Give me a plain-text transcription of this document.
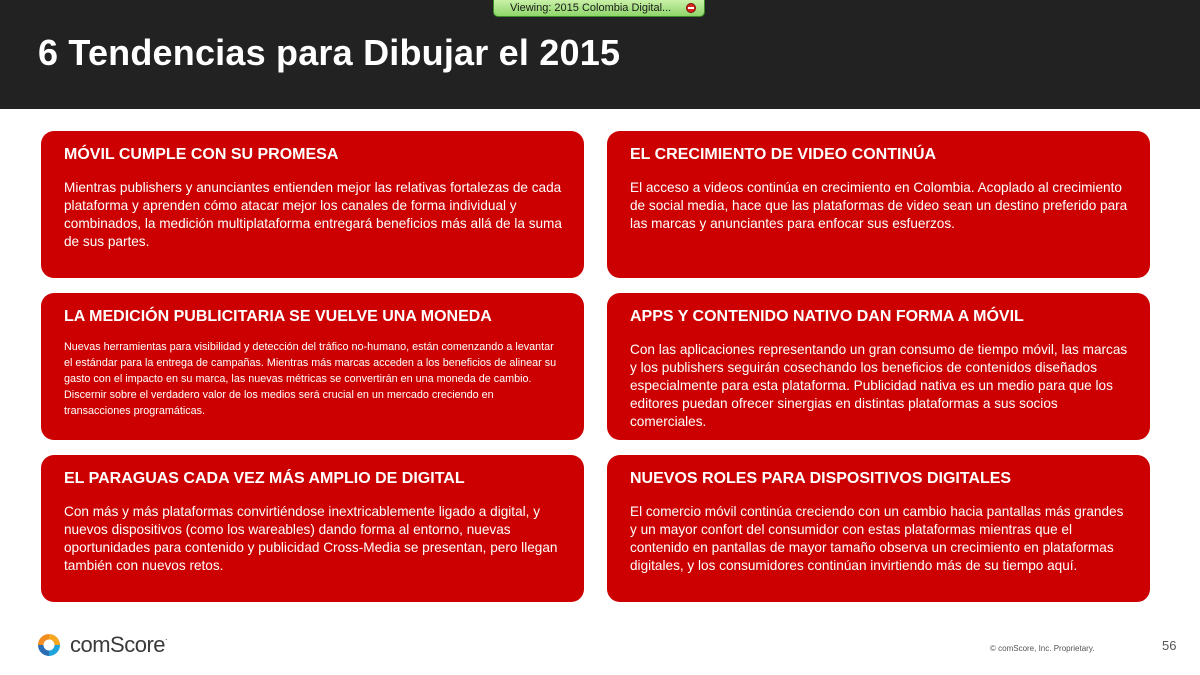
6 Tendencias para Dibujar el 2015
Viewing: 2015 Colombia Digital...

MÓVIL CUMPLE CON SU PROMESA

Mientras publishers y anunciantes entienden mejor las relativas fortalezas de cada plataforma y aprenden cómo atacar mejor los canales de forma individual y combinados, la medición multiplataforma entregará beneficios más allá de la suma de sus partes.

EL CRECIMIENTO DE VIDEO CONTINÚA

El acceso a videos continúa en crecimiento en Colombia. Acoplado al crecimiento de social media, hace que las plataformas de video sean un destino preferido para las marcas y anunciantes para enfocar sus esfuerzos.

LA MEDICIÓN PUBLICITARIA SE VUELVE UNA MONEDA

Nuevas herramientas para visibilidad y detección del tráfico no-humano, están comenzando a levantar el estándar para la entrega de campañas. Mientras más marcas acceden a los beneficios de alinear su gasto con el impacto en su marca, las nuevas métricas se convertirán en una moneda de cambio. Discernir sobre el verdadero valor de los medios será crucial en un mercado creciendo en transacciones programáticas.

APPS Y CONTENIDO NATIVO DAN FORMA A MÓVIL

Con las aplicaciones representando un gran consumo de tiempo móvil, las marcas y los publishers seguirán cosechando los beneficios de contenidos diseñados especialmente para esta plataforma. Publicidad nativa es un medio para que los editores puedan ofrecer sinergias en distintas plataformas a sus socios comerciales.

EL PARAGUAS CADA VEZ MÁS AMPLIO DE DIGITAL

Con más y más plataformas convirtiéndose inextricablemente ligado a digital, y nuevos dispositivos (como los wareables) dando forma al entorno, nuevas oportunidades para contenido y publicidad Cross-Media se presentan, pero llegan también con nuevos retos.

NUEVOS ROLES PARA DISPOSITIVOS DIGITALES

El comercio móvil continúa creciendo con un cambio hacia pantallas más grandes y un mayor confort del consumidor con estas plataformas mientras que el contenido en pantallas de mayor tamaño observa un crecimiento en plataformas digitales, y los consumidores continúan invirtiendo más de su tiempo aquí.

comScore.
© comScore, Inc. Proprietary.	56
